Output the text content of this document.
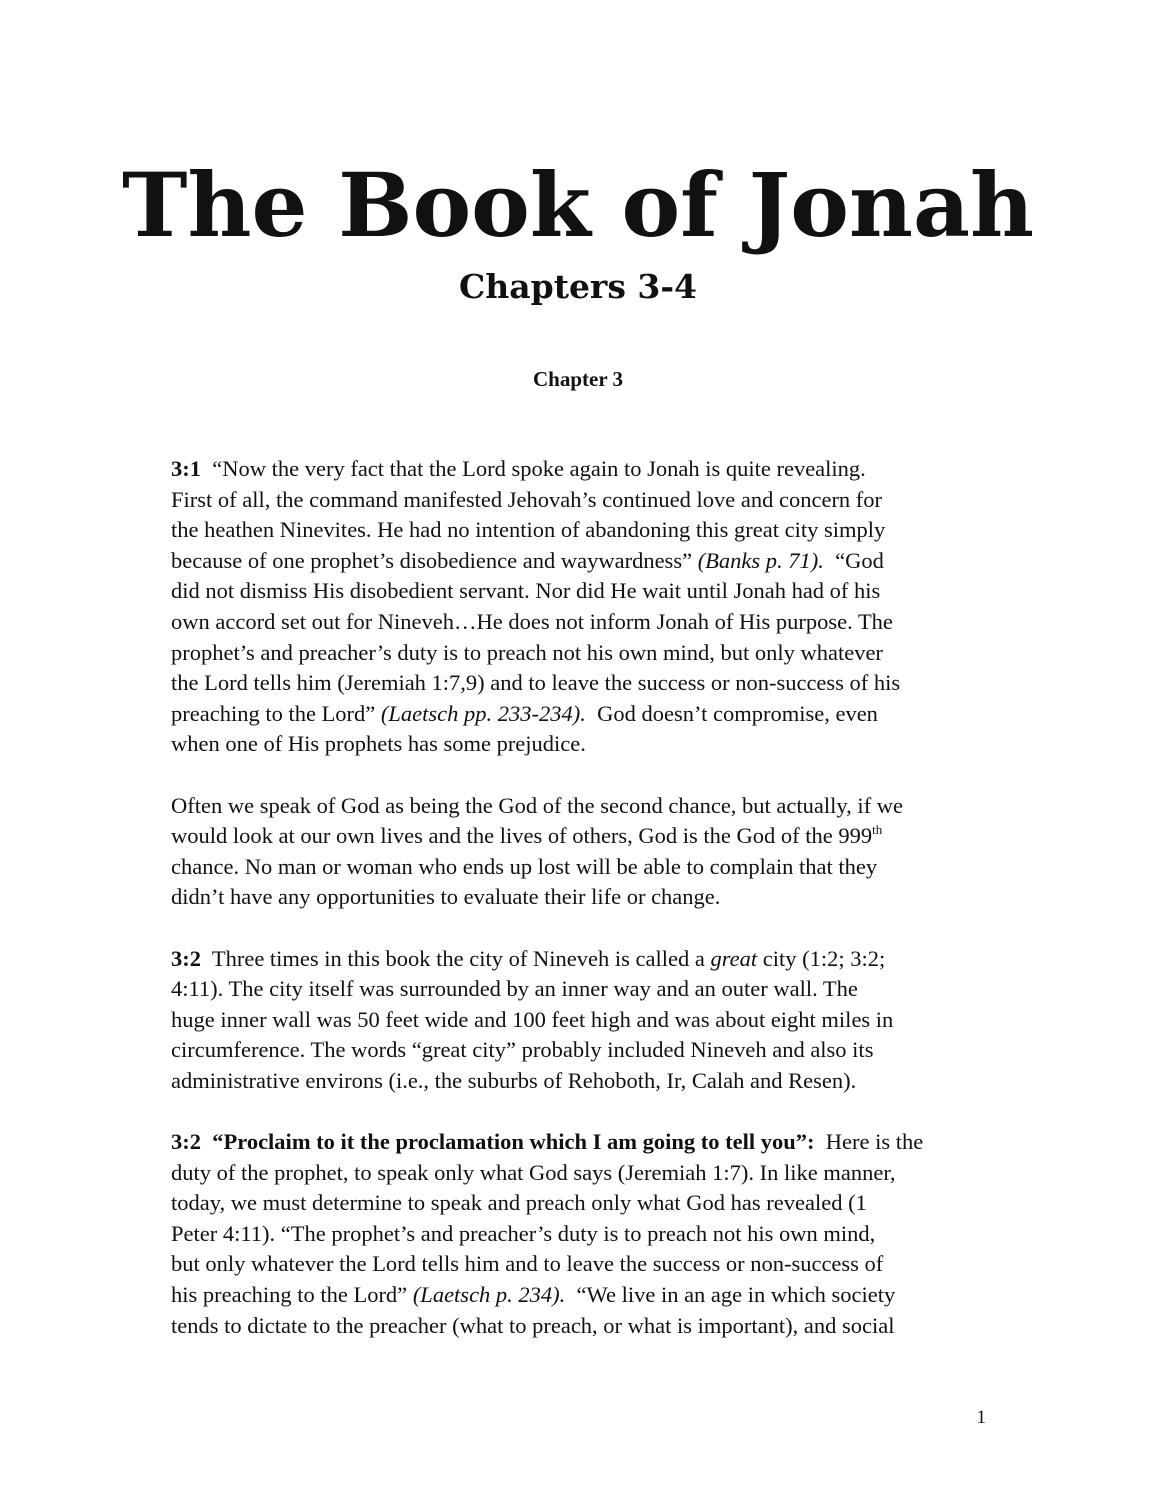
The Book of Jonah
Chapters 3-4
Chapter 3

3:1 “Now the very fact that the Lord spoke again to Jonah is quite revealing.
First of all, the command manifested Jehovah’s continued love and concern for
the heathen Ninevites. He had no intention of abandoning this great city simply
because of one prophet’s disobedience and waywardness” (Banks p. 71). “God
did not dismiss His disobedient servant. Nor did He wait until Jonah had of his
own accord set out for Nineveh…He does not inform Jonah of His purpose. The
prophet’s and preacher’s duty is to preach not his own mind, but only whatever
the Lord tells him (Jeremiah 1:7,9) and to leave the success or non-success of his
preaching to the Lord” (Laetsch pp. 233-234). God doesn’t compromise, even
when one of His prophets has some prejudice.

Often we speak of God as being the God of the second chance, but actually, if we
would look at our own lives and the lives of others, God is the God of the 999th
chance. No man or woman who ends up lost will be able to complain that they
didn’t have any opportunities to evaluate their life or change.

3:2 Three times in this book the city of Nineveh is called a great city (1:2; 3:2;
4:11). The city itself was surrounded by an inner way and an outer wall. The
huge inner wall was 50 feet wide and 100 feet high and was about eight miles in
circumference. The words “great city” probably included Nineveh and also its
administrative environs (i.e., the suburbs of Rehoboth, Ir, Calah and Resen).

3:2 “Proclaim to it the proclamation which I am going to tell you”: Here is the
duty of the prophet, to speak only what God says (Jeremiah 1:7). In like manner,
today, we must determine to speak and preach only what God has revealed (1
Peter 4:11). “The prophet’s and preacher’s duty is to preach not his own mind,
but only whatever the Lord tells him and to leave the success or non-success of
his preaching to the Lord” (Laetsch p. 234). “We live in an age in which society
tends to dictate to the preacher (what to preach, or what is important), and social

1
